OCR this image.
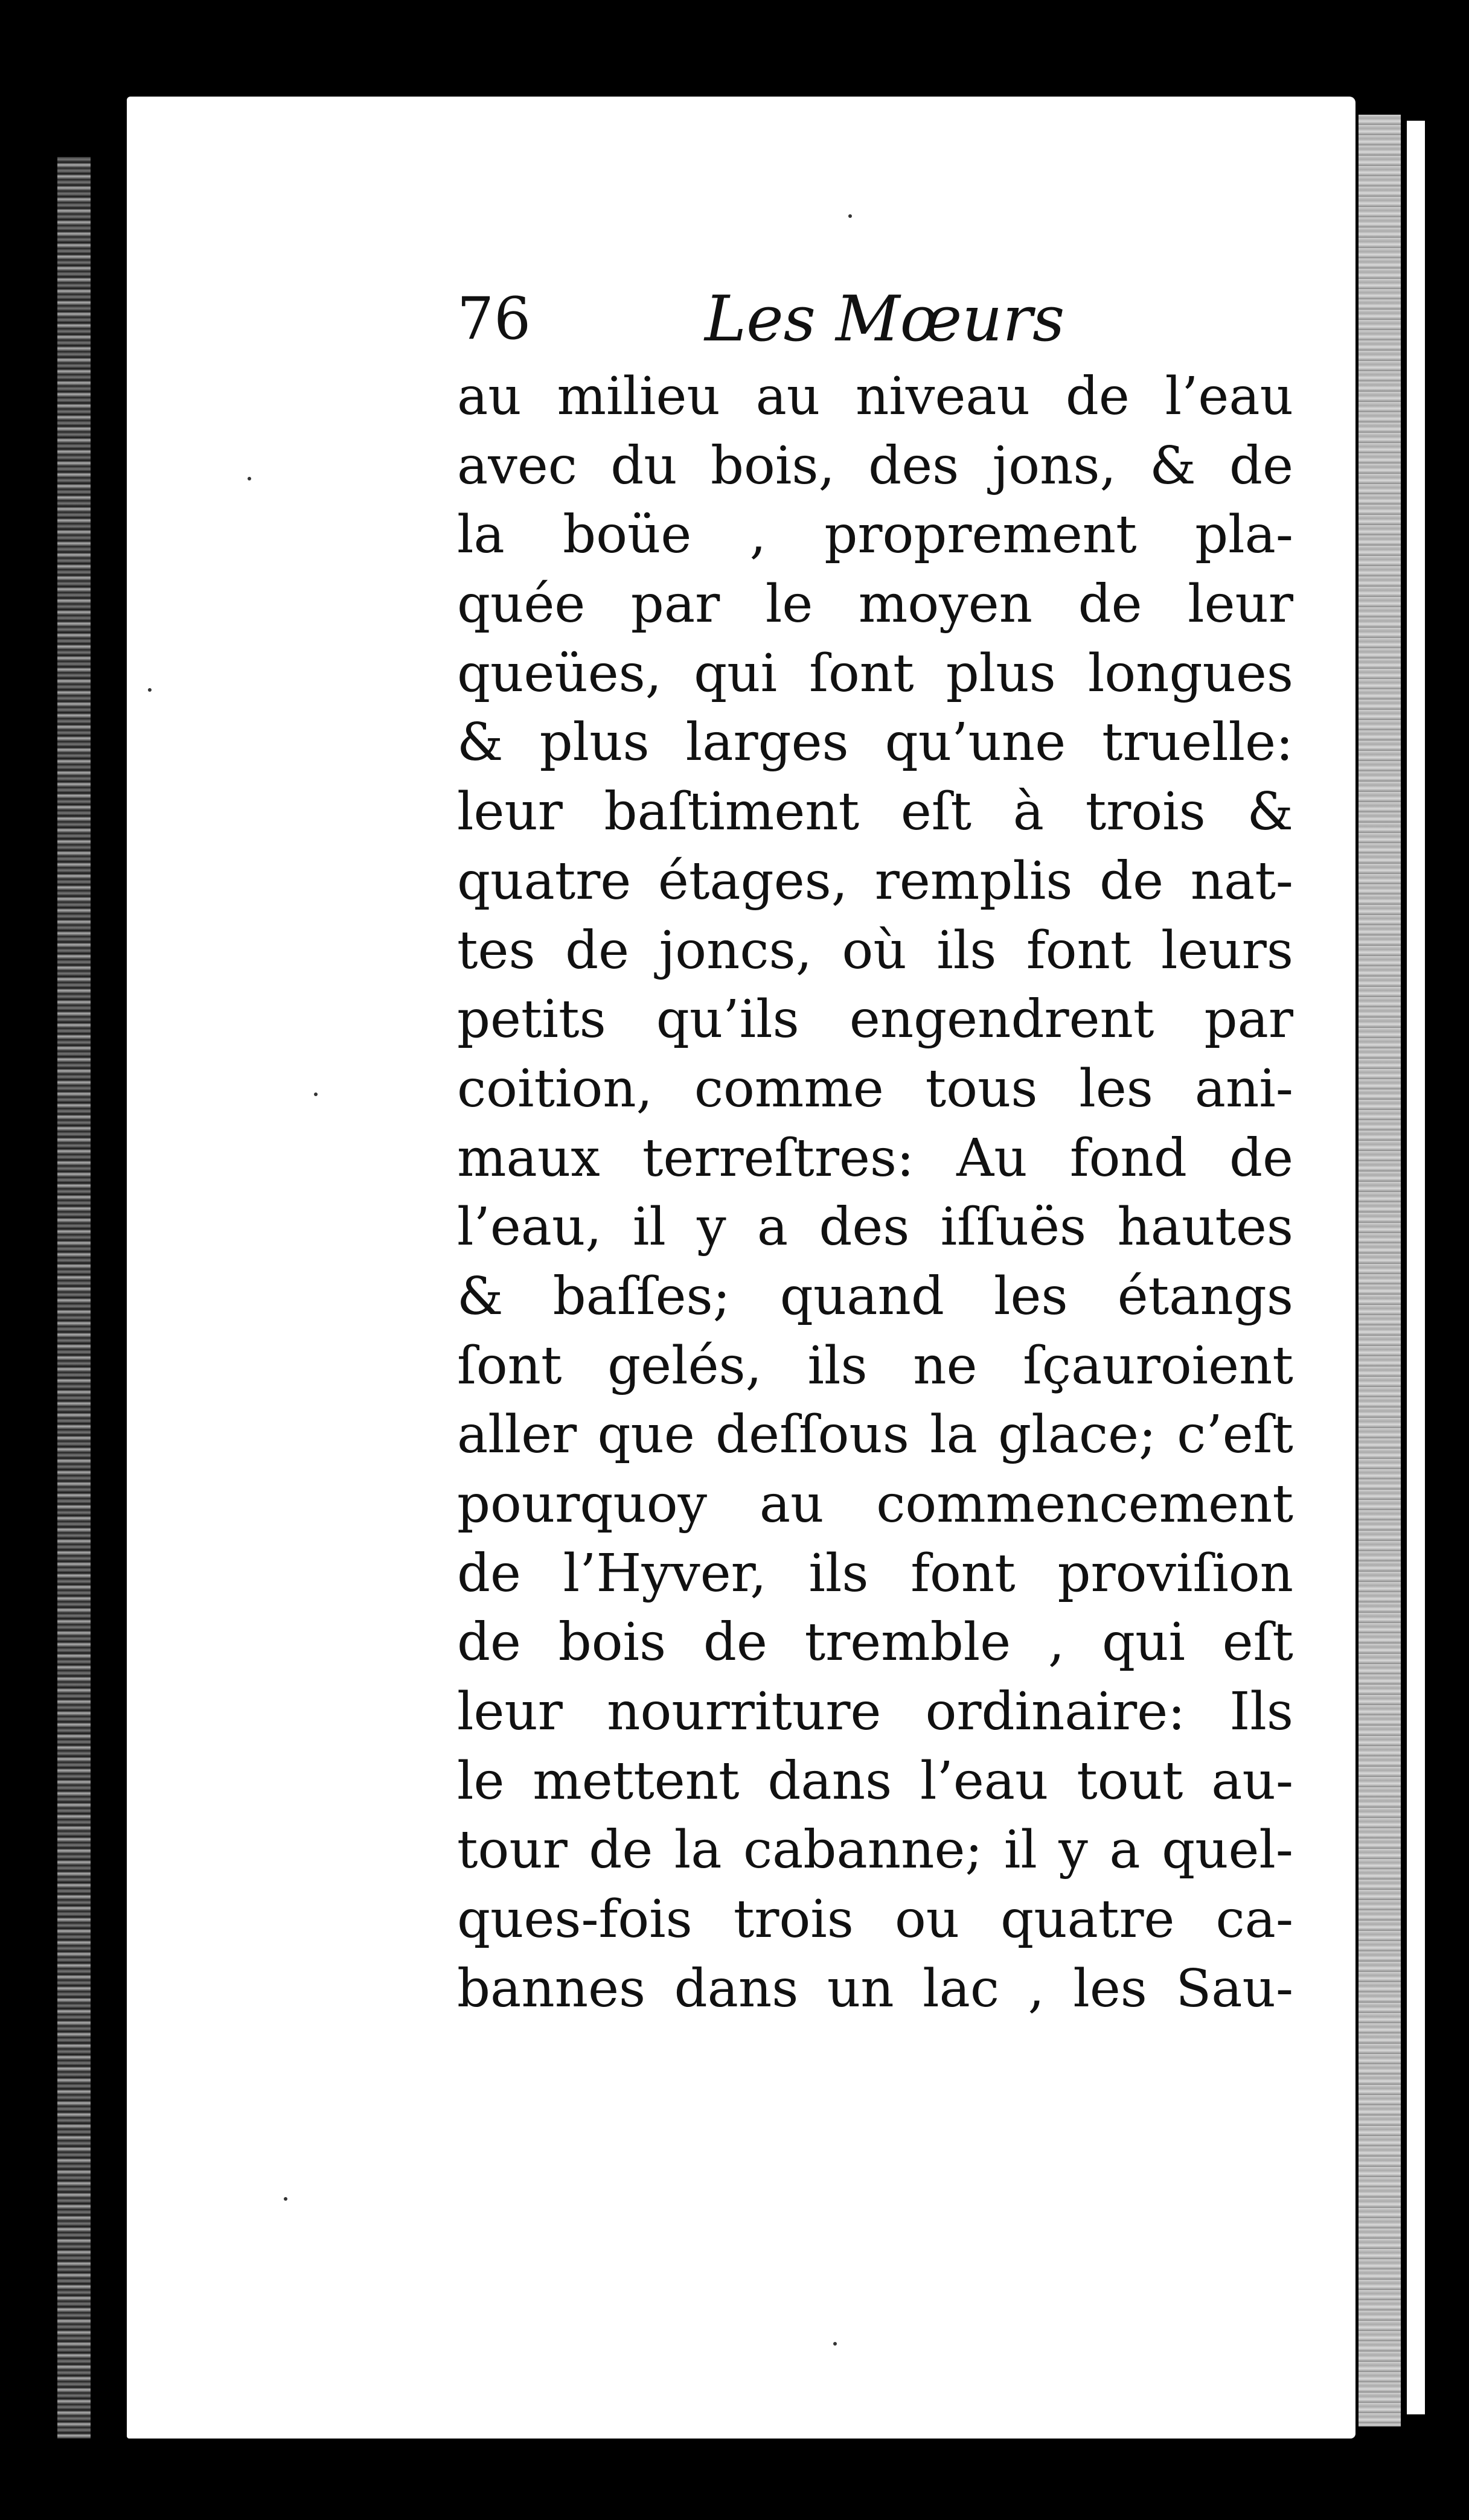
76	Les Mœurs
au milieu au niveau de l’eau
avec du bois, des jons, & de
la boüe , proprement pla-
quée par le moyen de leur
queües, qui ſont plus longues
& plus larges qu’une truelle:
leur baſtiment eſt à trois &
quatre étages, remplis de nat-
tes de joncs, où ils font leurs
petits qu’ils engendrent par
coition, comme tous les ani-
maux terreſtres: Au fond de
l’eau, il y a des iſſuës hautes
& baſſes; quand les étangs
ſont gelés, ils ne ſçauroient
aller que deſſous la glace; c’eſt
pourquoy au commencement
de l’Hyver, ils font proviſion
de bois de tremble , qui eſt
leur nourriture ordinaire: Ils
le mettent dans l’eau tout au-
tour de la cabanne; il y a quel-
ques-fois trois ou quatre ca-
bannes dans un lac , les Sau-
